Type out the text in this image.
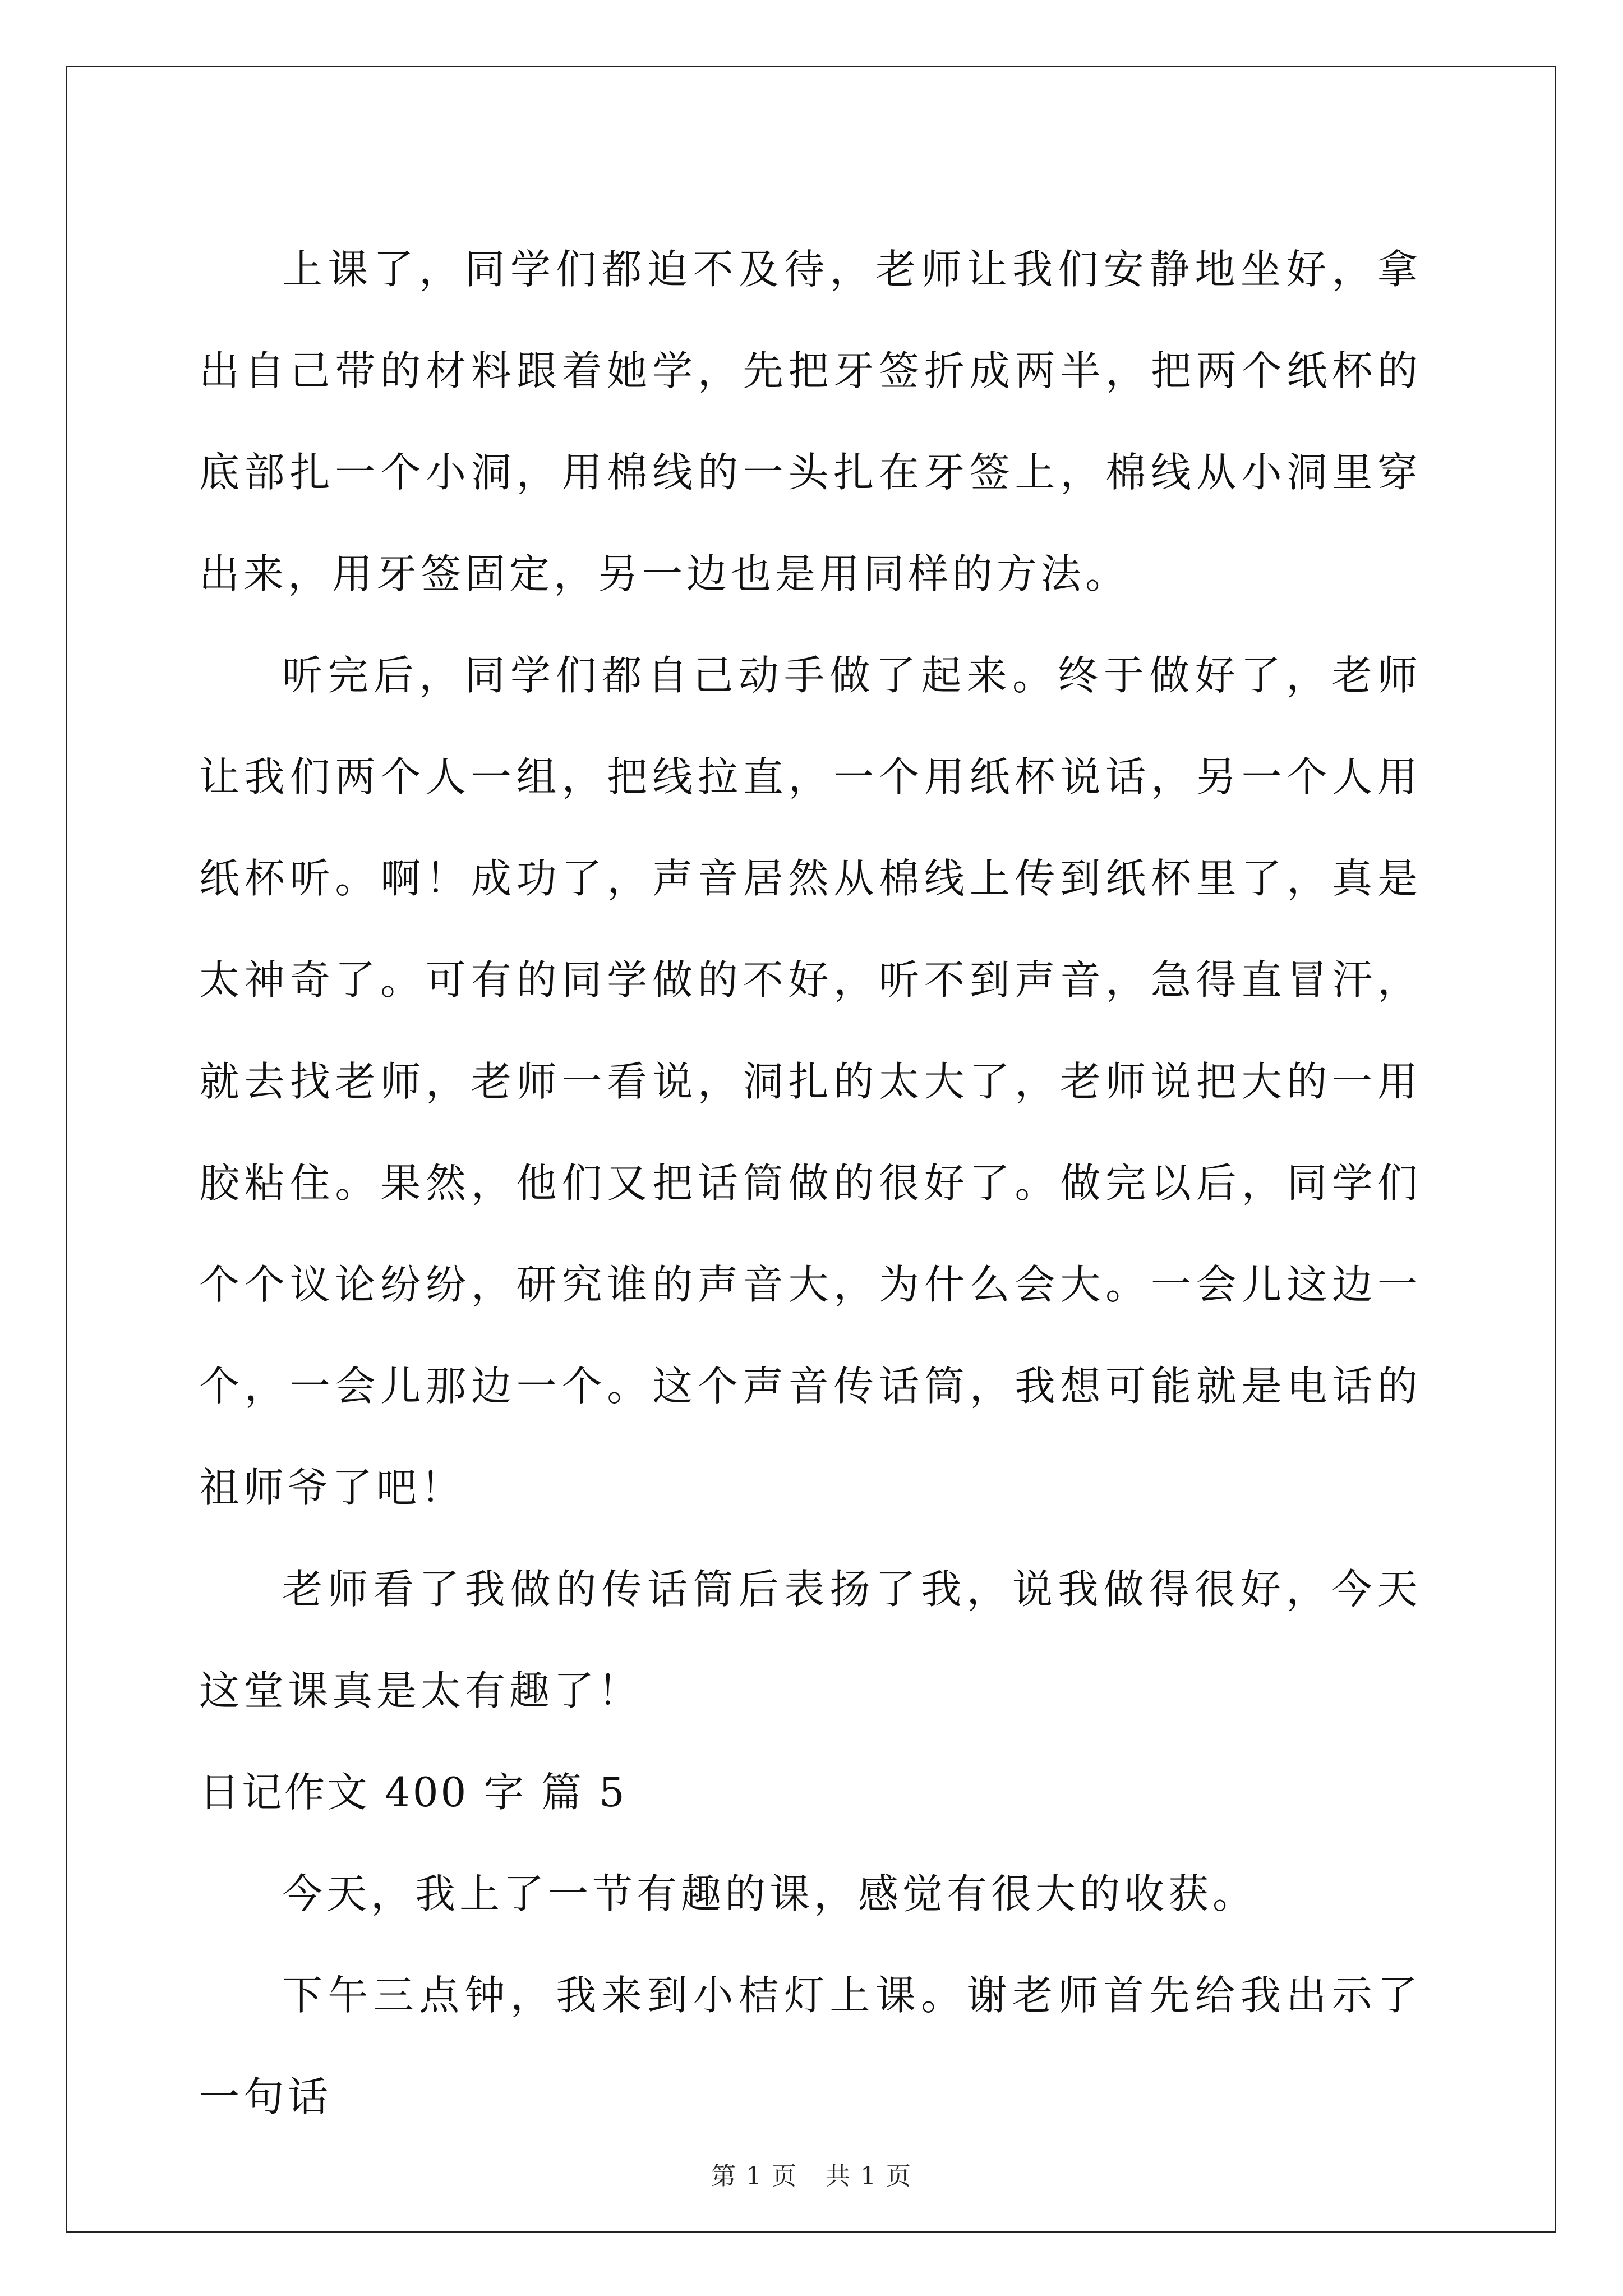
上课了，同学们都迫不及待，老师让我们安静地坐好，拿出自己带的材料跟着她学，先把牙签折成两半，把两个纸杯的底部扎一个小洞，用棉线的一头扎在牙签上，棉线从小洞里穿出来，用牙签固定，另一边也是用同样的方法。

听完后，同学们都自己动手做了起来。终于做好了，老师让我们两个人一组，把线拉直，一个用纸杯说话，另一个人用纸杯听。啊！成功了，声音居然从棉线上传到纸杯里了，真是太神奇了。可有的同学做的不好，听不到声音，急得直冒汗，就去找老师，老师一看说，洞扎的太大了，老师说把大的一用胶粘住。果然，他们又把话筒做的很好了。做完以后，同学们个个议论纷纷，研究谁的声音大，为什么会大。一会儿这边一个，一会儿那边一个。这个声音传话筒，我想可能就是电话的祖师爷了吧！

老师看了我做的传话筒后表扬了我，说我做得很好，今天这堂课真是太有趣了！

日记作文 400 字 篇 5

今天，我上了一节有趣的课，感觉有很大的收获。

下午三点钟，我来到小桔灯上课。谢老师首先给我出示了一句话

第 1 页 共 1 页
